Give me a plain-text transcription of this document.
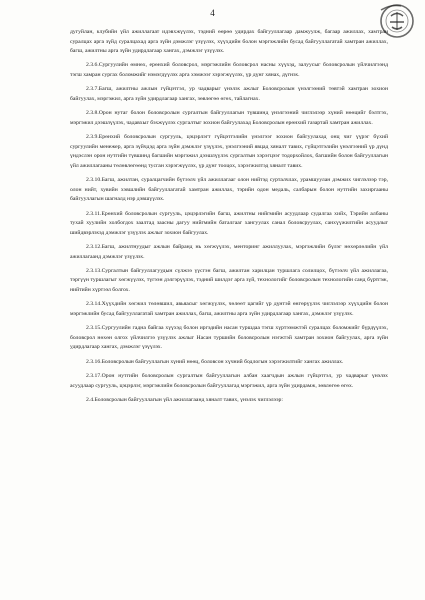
4

дугуйлан, клубийн үйл ажиллагаат идэвхжүүлэх, тэдний өөрөө удирдах байгууллагаар дамжуулж, багаар ажиллах, хамтран суралцах арга зүйд суралцахад арга зүйн дэмжлэг үзүүлэх, хүүхдийн болон мэргэжлийн бусад байгууллагатай хамтран ажиллах, багш, ажилтны арга зүйн удирдлагаар хангах, дэмжлэг үзүүлэх.

2.3.6.Сургуулийн өмнөх, ерөнхий боловсрол, мэргэжлийн боловсрол насны хүүхэд, залуусыг боловсролын үйлчилгээнд тэгш хамран сургах боломжийг нэмэгдүүлэх арга хэмжээг хэрэгжүүлэх, үр дүнг хянах, дүгнэх.

2.3.7.Багш, ажилтны ажлын гүйцэтгэл, ур чадварыг үнэлэх ажлыг Боловсролын үнэлгээний төвтэй хамтран зохион байгуулах, мэргэжил, арга зүйн удирдлагаар хангах, зөвлөгөө өгөх, тайлагнах.

2.3.8.Орон нутаг болон боловсролын сургалтын байгууллагын түвшинд үнэлгээний чиглэлээр хүний нөөцийг бэлтгэх, мэргэжил дээшлүүлэх, чадавхыг бэхжүүлэх сургалтыг зохион байгуулахад Боловсролын ерөнхий газартай хамтран ажиллах.

2.3.9.Ерөнхий боловсролын сургууль, цэцэрлэгт гүйцэтгэлийн үнэлгээг зохион байгуулахад онц чиг үүрэг бүхий сургуулийн менежер, арга зүйчдэд арга зүйн дэмжлэг үзүүлэх, үнэлгээний явцад хяналт тавих, гүйцэтгэлийн үнэлгээний үр дүнд үндэслэн орон нутгийн түвшинд багшийн мэргэжил дээшлүүлэх сургалтын хэрэгцээг тодорхойлох, багшийн болон байгууллагын үйл ажиллагааны төлөвлөгөөнд тусган хэрэгжүүлэх, үр дүнг тооцох, хэрэгжилтэд хяналт тавих.

2.3.10.Багш, ажилтан, суралцагчийн бүтээлч үйл ажиллагааг олон нийтэд сурталчлах, урамшуулан дэмжих чиглэлээр тэр, олон нийт, хувийн хэвшлийн байгууллагатай хамтран ажиллах, тэрийн одон медаль, салбарын болон нутгийн захиргааны байгууллагын шагналд нэр дэвшүүлэх.

2.3.11.Ерөнхий боловсролын сургууль, цэцэрлэгийн багш, ажилтны нийгмийн асуудлаар судалгаа хийх, Тэрийн албаны тухай хуулийн холбогдох заалтад заасны дагуу нийгмийн баталгааг хангуулах санал боловсруулах, санхүүжилтийн асуудлыг шийдвэрлэхэд дэмжлэг үзүүлэх ажлыг зохион байгуулах.

2.3.12.Багш, ажилтнуудыг ажлын байранд нь хөгжүүлэх, менторинг ажиллуулах, мэргэжлийн бүлэг нөхөрлөлийн үйл ажиллагаанд дэмжлэг үзүүлэх.

2.3.13.Сургалтын байгууллагуудын сүлжээ үүсгэн багш, ажилтан харилцан туршлага солилцох, бүтээлч үйл ажиллагаа, тэргүүн туршлагыг хөгжүүлэх, түгээн дэлгэрүүлэх, тэдний шилдэг арга зүй, технологийг боловсролын технологийн санд бүртгэж, нийтийн хүртээл болгох.

2.3.14.Хүүхдийн хөгжил төлөвшил, авьяасыг хөгжүүлэх, чөлөөт цагийг үр дүнтэй өнгөрүүлэх чиглэлээр хүүхдийн болон мэргэжлийн бусад байгууллагатай хамтран ажиллах, багш, ажилтны арга зүйн удирдлагаар хангах, дэмжлэг үзүүлэх.

2.3.15.Сургуулийн гадна байгаа хүүхэд болон иргэдийн насан туршдаа тэгш хүртээмжтэй суралцах боломжийг бүрдүүлэх, боловсрол нөхөн олгох үйлчилгээ үзүүлэх ажлыг Насан туршийн боловсролын нэгжтэй хамтран зохион байгуулах, арга зүйн удирдлагаар хангах, дэмжлэг үзүүлэх.

2.3.16.Боловсролын байгууллагын хүний нөөц, боловсон хүчний бодлогын хэрэгжилтийг хангах ажиллах.

2.3.17.Орон нутгийн боловсролын сургалтын байгууллагын албан хаагчдын ажлын гүйцэтгэл, ур чадварыг үнэлэх асуудлаар сургууль, цэцэрлэг, мэргэжлийн боловсролын байгууллагад мэргэжил, арга зүйн удирдамж, зөвлөгөө өгөх.

2.4.Боловсролын байгууллагын үйл ажиллагаанд хяналт тавих, үнэлэх чиглэлээр:
